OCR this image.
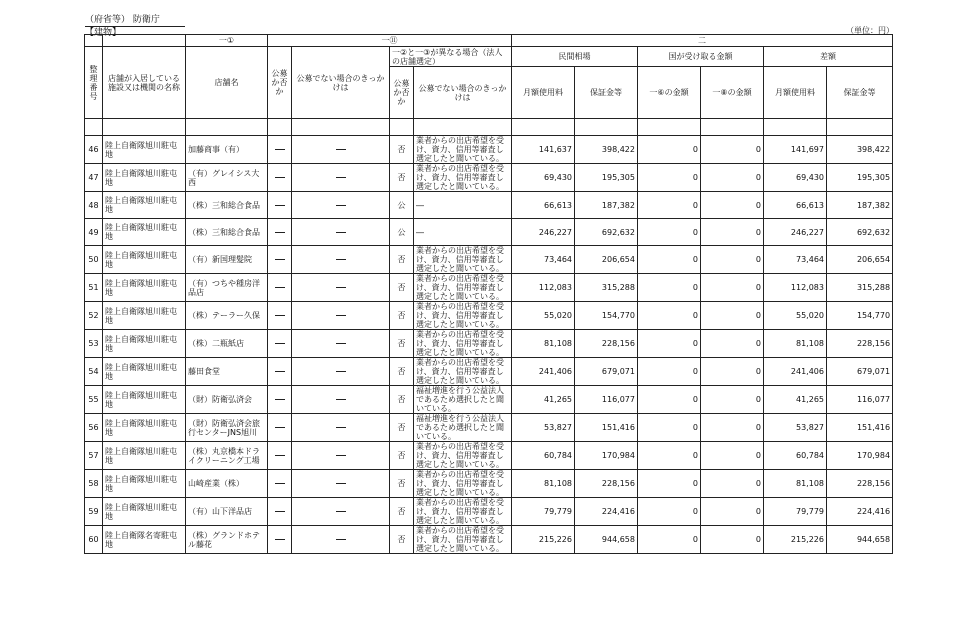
（府省等） 防衛庁
【建物】	（単位：円）
		一①	一⑪				二					
整理番号	店舗が入居している施設又は機関の名称	店舗名	公募か否か	公募でない場合のきっかけは	一②と一③が異なる場合（法人の店舗選定）		民間相場		国が受け取る金額		差額	
					公募か否か	公募でない場合のきっかけは	月額使用料	保証金等	一⑥の金額	一⑧の金額	月額使用料	保証金等

46	陸上自衛隊旭川駐屯地	加藤商事（有）			否	業者からの出店希望を受け、資力、信用等審査し選定したと聞いている。	141,637	398,422	0	0	141,697	398,422
47	陸上自衛隊旭川駐屯地	（有）グレイシス大西			否	業者からの出店希望を受け、資力、信用等審査し選定したと聞いている。	69,430	195,305	0	0	69,430	195,305
48	陸上自衛隊旭川駐屯地	（株）三和総合食品			公	―	66,613	187,382	0	0	66,613	187,382
49	陸上自衛隊旭川駐屯地	（株）三和総合食品			公	―	246,227	692,632	0	0	246,227	692,632
50	陸上自衛隊旭川駐屯地	（有）新国理髪院			否	業者からの出店希望を受け、資力、信用等審査し選定したと聞いている。	73,464	206,654	0	0	73,464	206,654
51	陸上自衛隊旭川駐屯地	（有）つちや種房洋品店			否	業者からの出店希望を受け、資力、信用等審査し選定したと聞いている。	112,083	315,288	0	0	112,083	315,288
52	陸上自衛隊旭川駐屯地	（株）テーラー久保			否	業者からの出店希望を受け、資力、信用等審査し選定したと聞いている。	55,020	154,770	0	0	55,020	154,770
53	陸上自衛隊旭川駐屯地	（株）二瓶紙店			否	業者からの出店希望を受け、資力、信用等審査し選定したと聞いている。	81,108	228,156	0	0	81,108	228,156
54	陸上自衛隊旭川駐屯地	藤田食堂			否	業者からの出店希望を受け、資力、信用等審査し選定したと聞いている。	241,406	679,071	0	0	241,406	679,071
55	陸上自衛隊旭川駐屯地	（財）防衛弘済会			否	福祉増進を行う公益法人であるため選択したと聞いている。	41,265	116,077	0	0	41,265	116,077
56	陸上自衛隊旭川駐屯地	（財）防衛弘済会旅行センターJNS旭川			否	福祉増進を行う公益法人であるため選択したと聞いている。	53,827	151,416	0	0	53,827	151,416
57	陸上自衛隊旭川駐屯地	（株）丸京橋本ドライクリーニング工場			否	業者からの出店希望を受け、資力、信用等審査し選定したと聞いている。	60,784	170,984	0	0	60,784	170,984
58	陸上自衛隊旭川駐屯地	山崎産業（株）			否	業者からの出店希望を受け、資力、信用等審査し選定したと聞いている。	81,108	228,156	0	0	81,108	228,156
59	陸上自衛隊旭川駐屯地	（有）山下洋品店			否	業者からの出店希望を受け、資力、信用等審査し選定したと聞いている。	79,779	224,416	0	0	79,779	224,416
60	陸上自衛隊名寄駐屯地	（株）グランドホテル藤花			否	業者からの出店希望を受け、資力、信用等審査し選定したと聞いている。	215,226	944,658	0	0	215,226	944,658
